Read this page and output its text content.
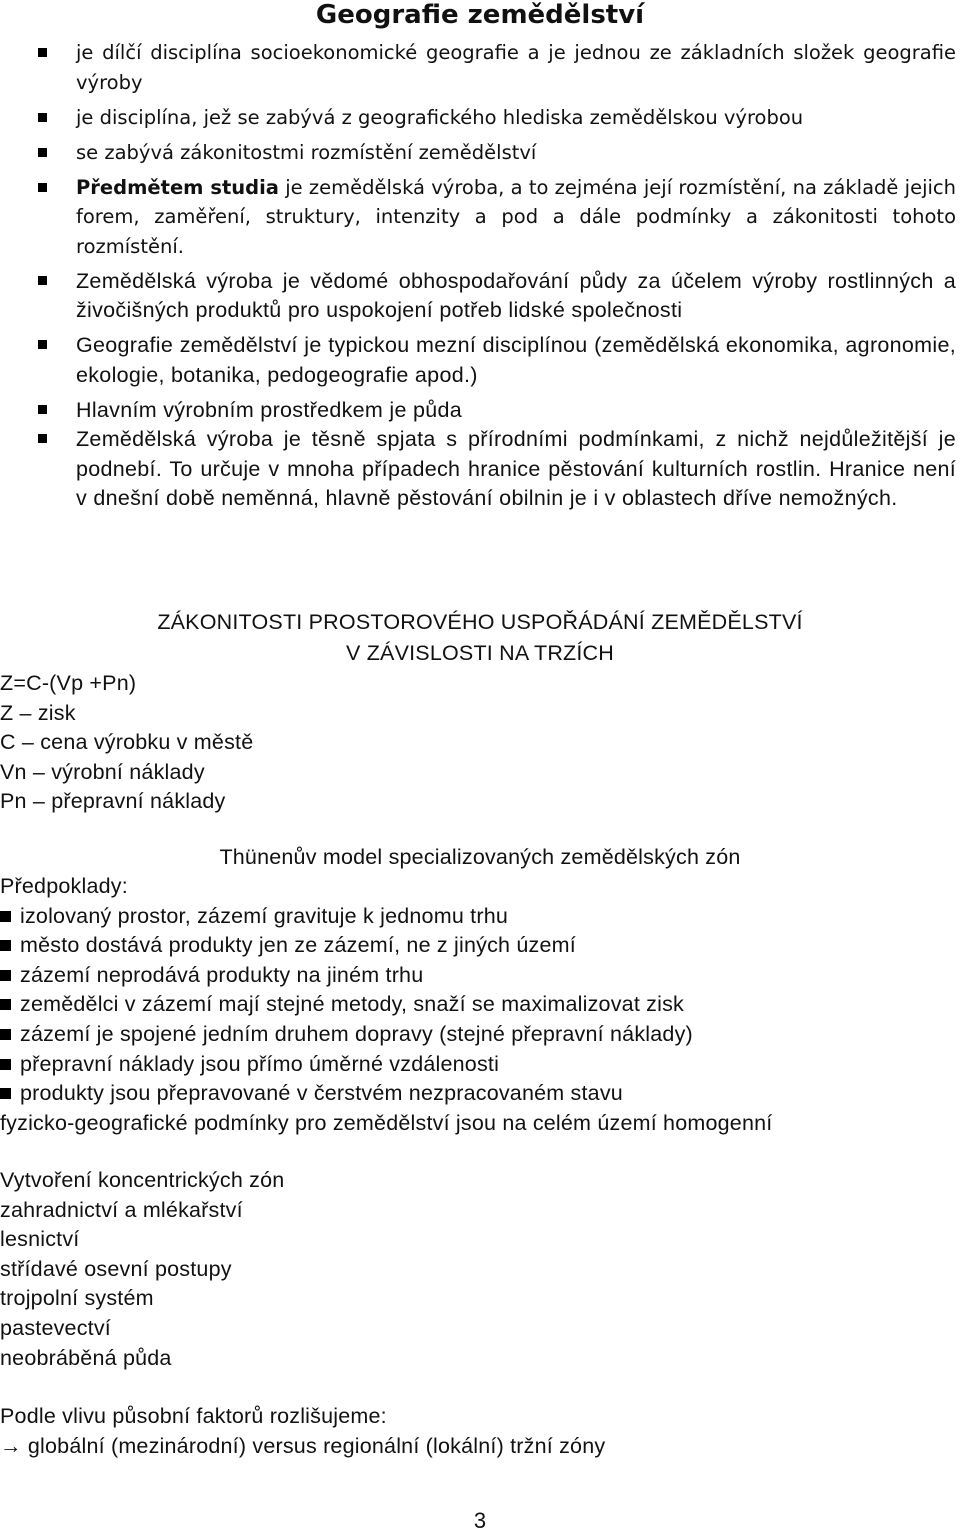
Geografie zemědělství
je dílčí disciplína socioekonomické geografie a je jednou ze základních složek geografie výroby
je disciplína, jež se zabývá z geografického hlediska zemědělskou výrobou
se zabývá zákonitostmi rozmístění zemědělství
Předmětem studia je zemědělská výroba, a to zejména její rozmístění, na základě jejich forem, zaměření, struktury, intenzity a pod a dále podmínky a zákonitosti tohoto rozmístění.
Zemědělská výroba je vědomé obhospodařování půdy za účelem výroby rostlinných a živočišných produktů pro uspokojení potřeb lidské společnosti
Geografie zemědělství je typickou mezní disciplínou (zemědělská ekonomika, agronomie, ekologie, botanika, pedogeografie apod.)
Hlavním výrobním prostředkem je půda
Zemědělská výroba je těsně spjata s přírodními podmínkami, z nichž nejdůležitější je podnebí. To určuje v mnoha případech hranice pěstování kulturních rostlin. Hranice není v dnešní době neměnná, hlavně pěstování obilnin je i v oblastech dříve nemožných.
ZÁKONITOSTI PROSTOROVÉHO USPOŘÁDÁNÍ ZEMĚDĚLSTVÍ
V ZÁVISLOSTI NA TRZÍCH
Z=C-(Vp +Pn)
Z – zisk
C – cena výrobku v městě
Vn – výrobní náklady
Pn – přepravní náklady
Thünenův model specializovaných zemědělských zón
Předpoklady:
izolovaný prostor, zázemí gravituje k jednomu trhu
město dostává produkty jen ze zázemí, ne z jiných území
zázemí neprodává produkty na jiném trhu
zemědělci v zázemí mají stejné metody, snaží se maximalizovat zisk
zázemí je spojené jedním druhem dopravy (stejné přepravní náklady)
přepravní náklady jsou přímo úměrné vzdálenosti
produkty jsou přepravované v čerstvém nezpracovaném stavu
fyzicko-geografické podmínky pro zemědělství jsou na celém území homogenní
Vytvoření koncentrických zón
zahradnictví a mlékařství
lesnictví
střídavé osevní postupy
trojpolní systém
pastevectví
neobráběná půda
Podle vlivu působní faktorů rozlišujeme:
→ globální (mezinárodní) versus regionální (lokální) tržní zóny
3
